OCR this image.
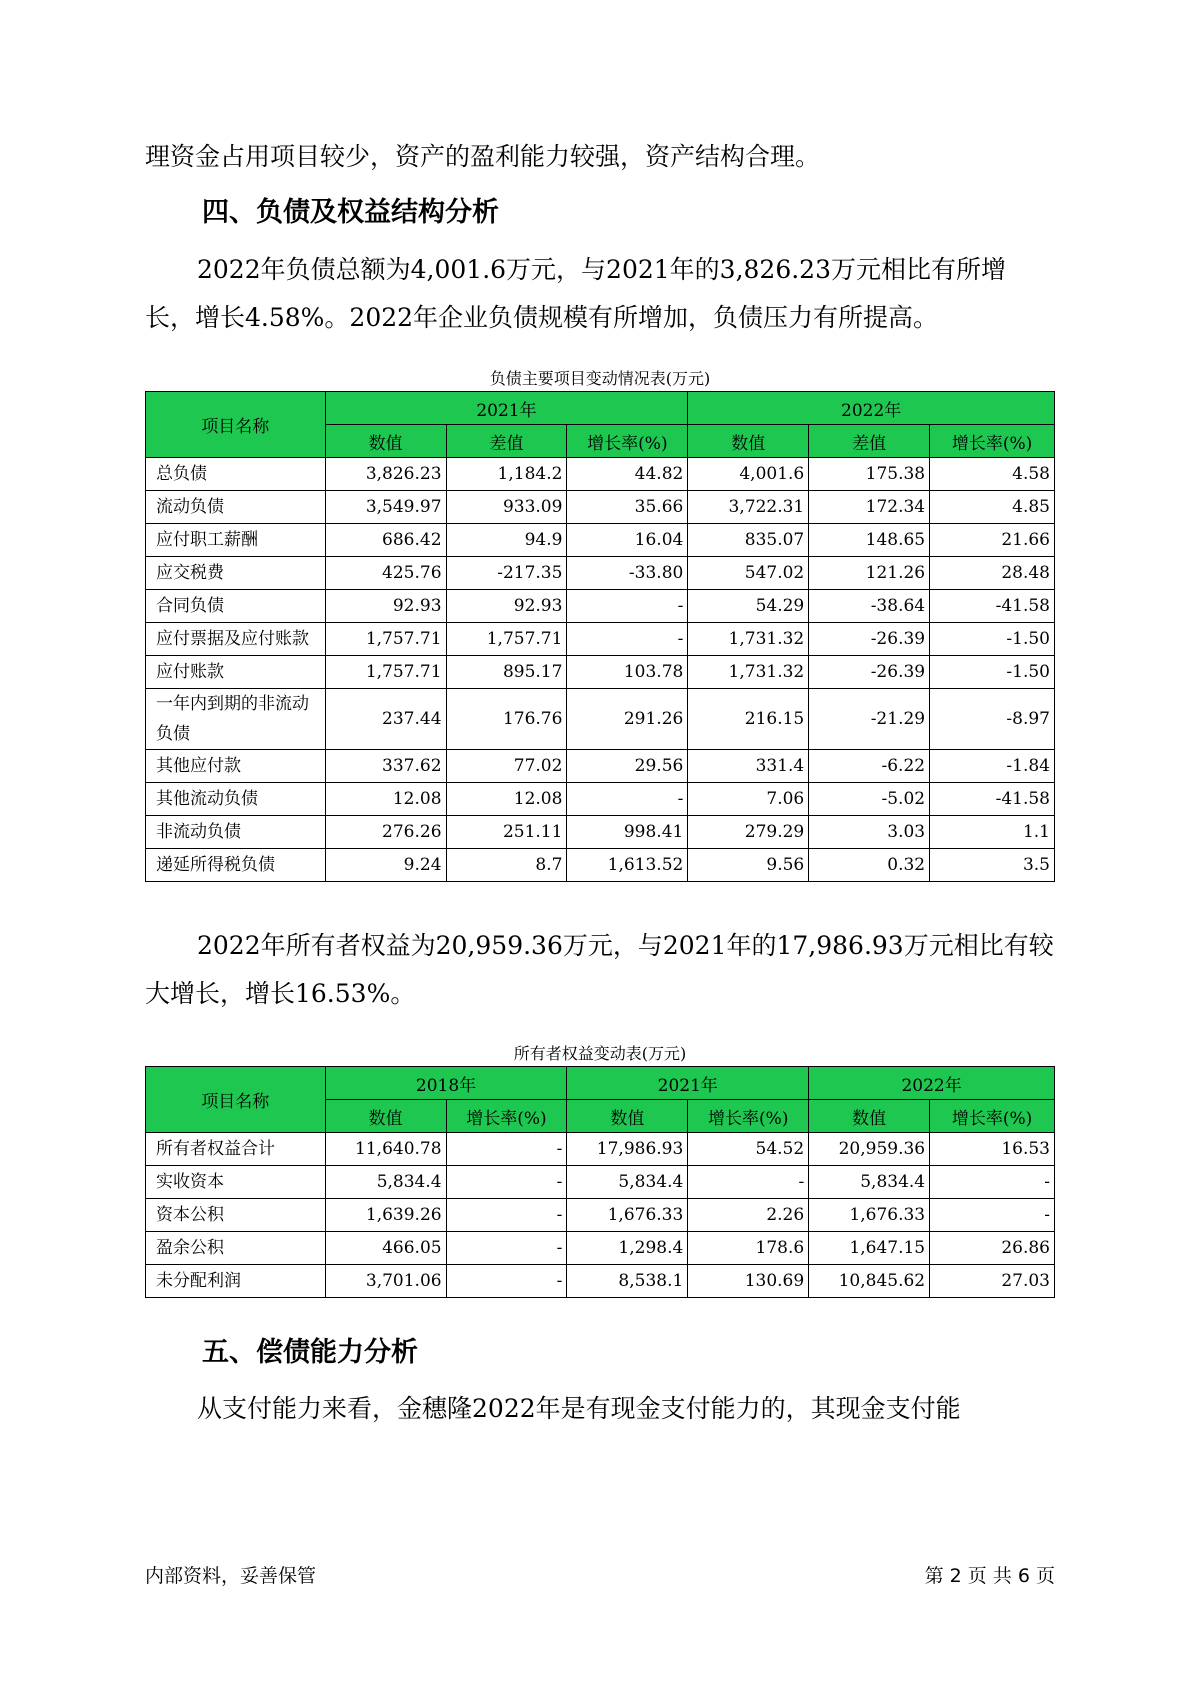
理资金占用项目较少，资产的盈利能力较强，资产结构合理。

四、负债及权益结构分析

2022年负债总额为4,001.6万元，与2021年的3,826.23万元相比有所增长，增长4.58%。2022年企业负债规模有所增加，负债压力有所提高。

负债主要项目变动情况表(万元)
项目名称	2021年			2022年		
	数值	差值	增长率(%)	数值	差值	增长率(%)
总负债	3,826.23	1,184.2	44.82	4,001.6	175.38	4.58
流动负债	3,549.97	933.09	35.66	3,722.31	172.34	4.85
应付职工薪酬	686.42	94.9	16.04	835.07	148.65	21.66
应交税费	425.76	-217.35	-33.80	547.02	121.26	28.48
合同负债	92.93	92.93	-	54.29	-38.64	-41.58
应付票据及应付账款	1,757.71	1,757.71	-	1,731.32	-26.39	-1.50
应付账款	1,757.71	895.17	103.78	1,731.32	-26.39	-1.50
一年内到期的非流动负债	237.44	176.76	291.26	216.15	-21.29	-8.97
其他应付款	337.62	77.02	29.56	331.4	-6.22	-1.84
其他流动负债	12.08	12.08	-	7.06	-5.02	-41.58
非流动负债	276.26	251.11	998.41	279.29	3.03	1.1
递延所得税负债	9.24	8.7	1,613.52	9.56	0.32	3.5

2022年所有者权益为20,959.36万元，与2021年的17,986.93万元相比有较大增长，增长16.53%。

所有者权益变动表(万元)
项目名称	2018年		2021年		2022年	
	数值	增长率(%)	数值	增长率(%)	数值	增长率(%)
所有者权益合计	11,640.78	-	17,986.93	54.52	20,959.36	16.53
实收资本	5,834.4	-	5,834.4	-	5,834.4	-
资本公积	1,639.26	-	1,676.33	2.26	1,676.33	-
盈余公积	466.05	-	1,298.4	178.6	1,647.15	26.86
未分配利润	3,701.06	-	8,538.1	130.69	10,845.62	27.03
五、偿债能力分析

从支付能力来看，金穗隆2022年是有现金支付能力的，其现金支付能

内部资料，妥善保管	第 2 页 共 6 页
